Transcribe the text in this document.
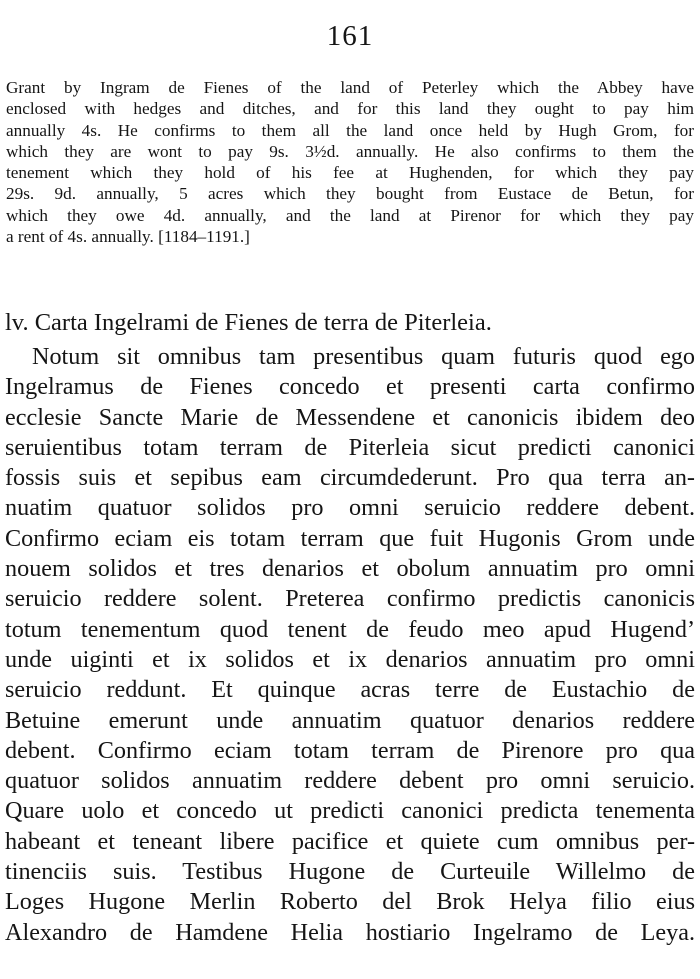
161
Grant by Ingram de Fienes of the land of Peterley which the Abbey have
enclosed with hedges and ditches, and for this land they ought to pay him
annually 4s. He confirms to them all the land once held by Hugh Grom, for
which they are wont to pay 9s. 3½d. annually. He also confirms to them the
tenement which they hold of his fee at Hughenden, for which they pay
29s. 9d. annually, 5 acres which they bought from Eustace de Betun, for
which they owe 4d. annually, and the land at Pirenor for which they pay
a rent of 4s. annually. [1184–1191.]
lv. Carta Ingelrami de Fienes de terra de Piterleia.
Notum sit omnibus tam presentibus quam futuris quod ego
Ingelramus de Fienes concedo et presenti carta confirmo
ecclesie Sancte Marie de Messendene et canonicis ibidem deo
seruientibus totam terram de Piterleia sicut predicti canonici
fossis suis et sepibus eam circumdederunt. Pro qua terra an-
nuatim quatuor solidos pro omni seruicio reddere debent.
Confirmo eciam eis totam terram que fuit Hugonis Grom unde
nouem solidos et tres denarios et obolum annuatim pro omni
seruicio reddere solent. Preterea confirmo predictis canonicis
totum tenementum quod tenent de feudo meo apud Hugend’
unde uiginti et ix solidos et ix denarios annuatim pro omni
seruicio reddunt. Et quinque acras terre de Eustachio de
Betuine emerunt unde annuatim quatuor denarios reddere
debent. Confirmo eciam totam terram de Pirenore pro qua
quatuor solidos annuatim reddere debent pro omni seruicio.
Quare uolo et concedo ut predicti canonici predicta tenementa
habeant et teneant libere pacifice et quiete cum omnibus per-
tinenciis suis. Testibus Hugone de Curteuile Willelmo de
Loges Hugone Merlin Roberto del Brok Helya filio eius
Alexandro de Hamdene Helia hostiario Ingelramo de Leya.
